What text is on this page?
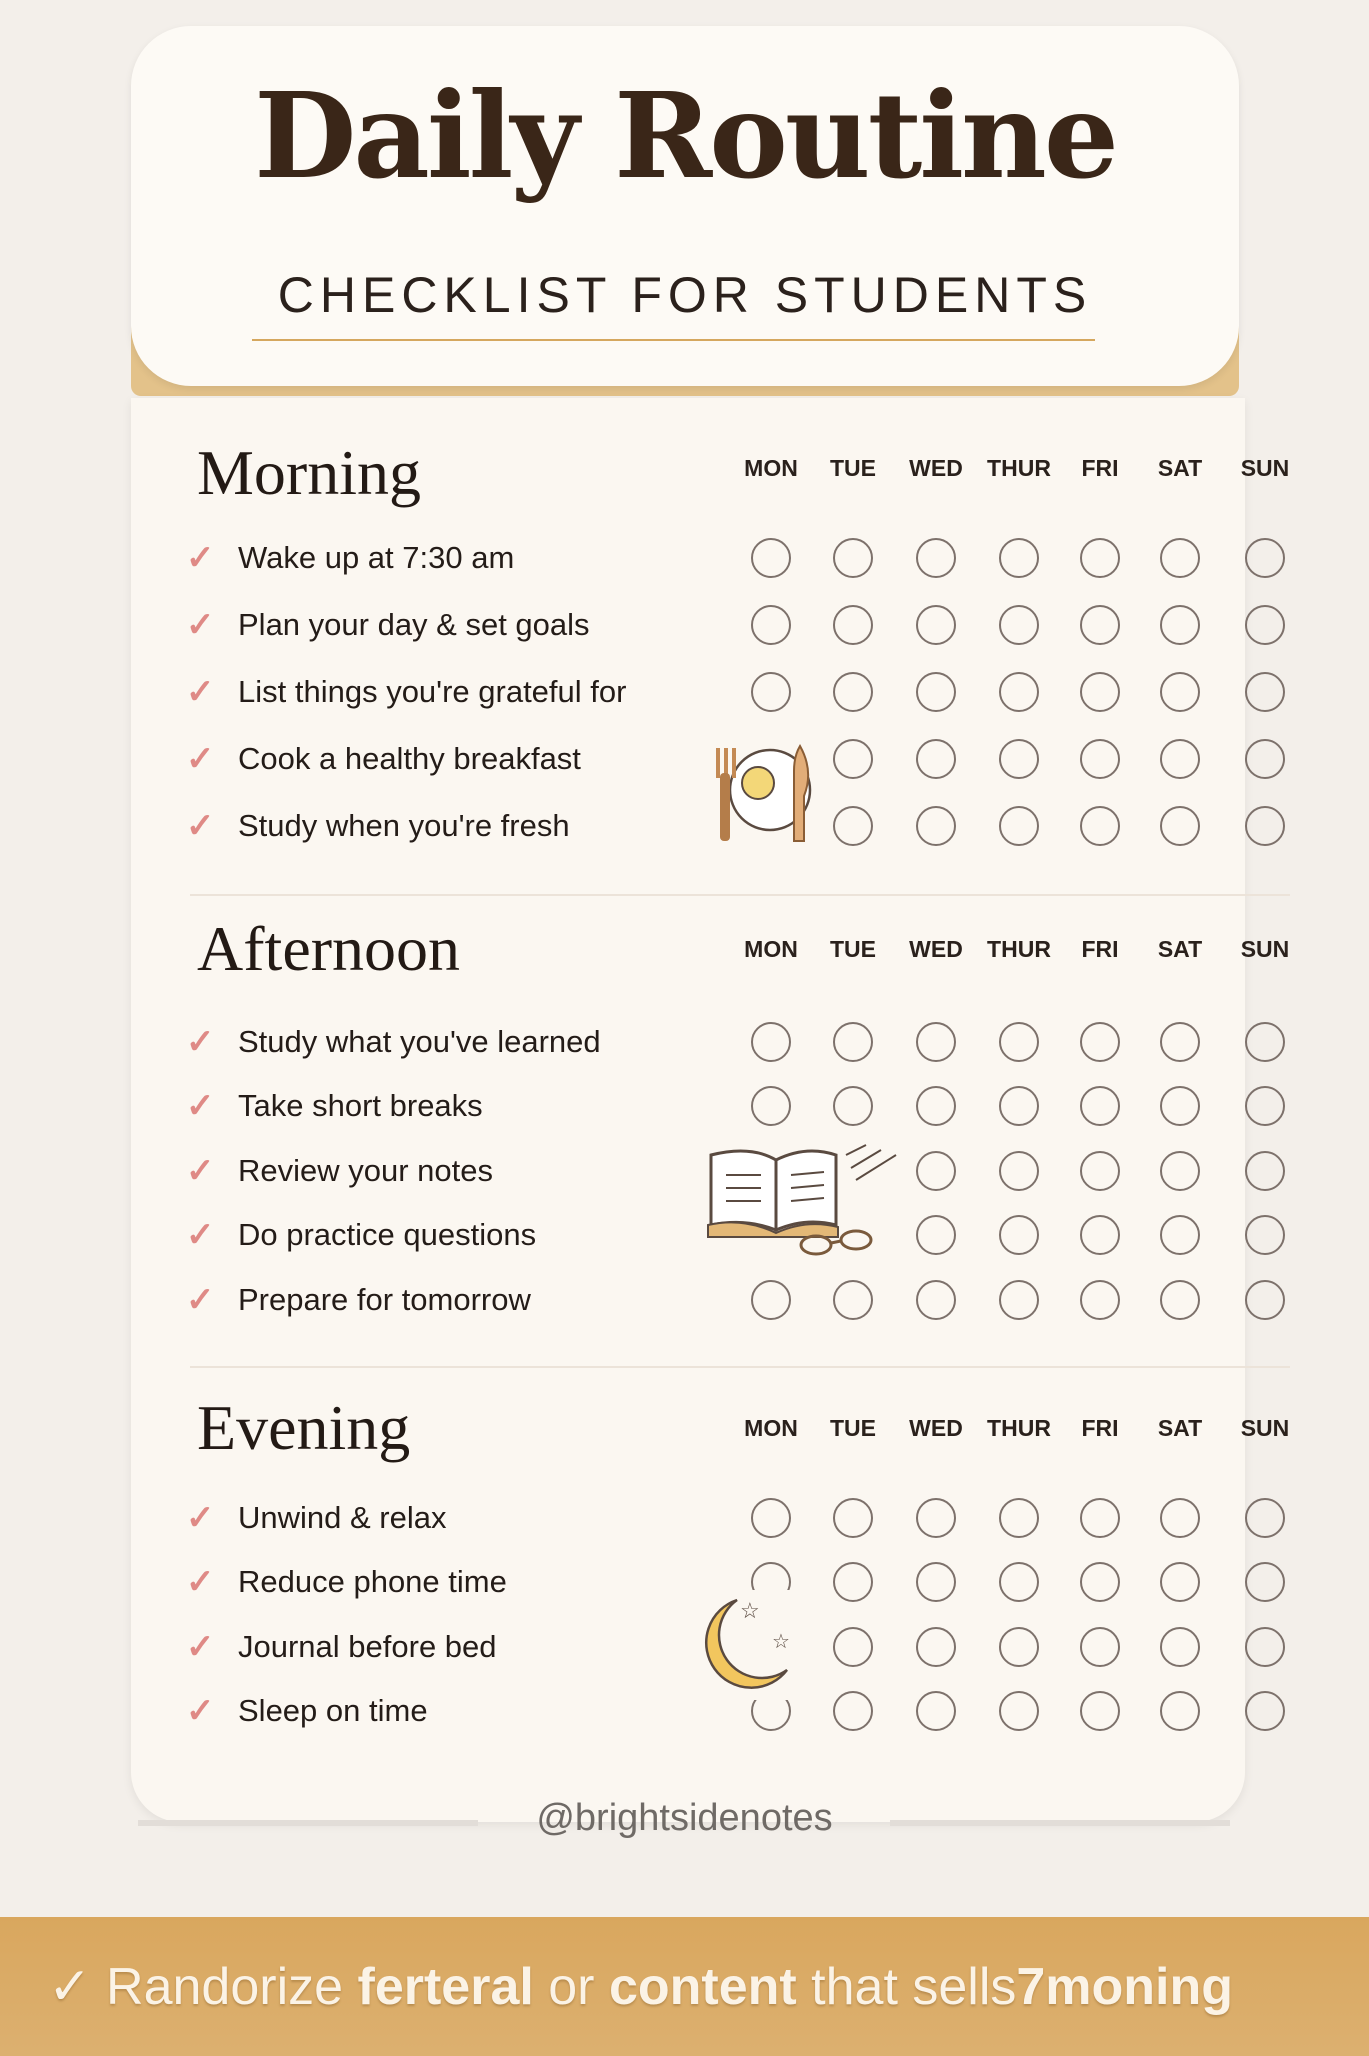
Daily Routine
CHECKLIST FOR STUDENTS
Morning	MON	TUE	WED	THUR	FRI	SAT	SUN
✓ Wake up at 7:30 am
✓ Plan your day & set goals
✓ List things you're grateful for
✓ Cook a healthy breakfast
✓ Study when you're fresh
Afternoon	MON	TUE	WED	THUR	FRI	SAT	SUN
✓ Study what you've learned
✓ Take short breaks
✓ Review your notes
✓ Do practice questions
✓ Prepare for tomorrow
Evening	MON	TUE	WED	THUR	FRI	SAT	SUN
✓ Unwind & relax
✓ Reduce phone time
✓ Journal before bed
✓ Sleep on time
☆
☆
@brightsidenotes
✓ Randorize ferteral or content that sells7moning
